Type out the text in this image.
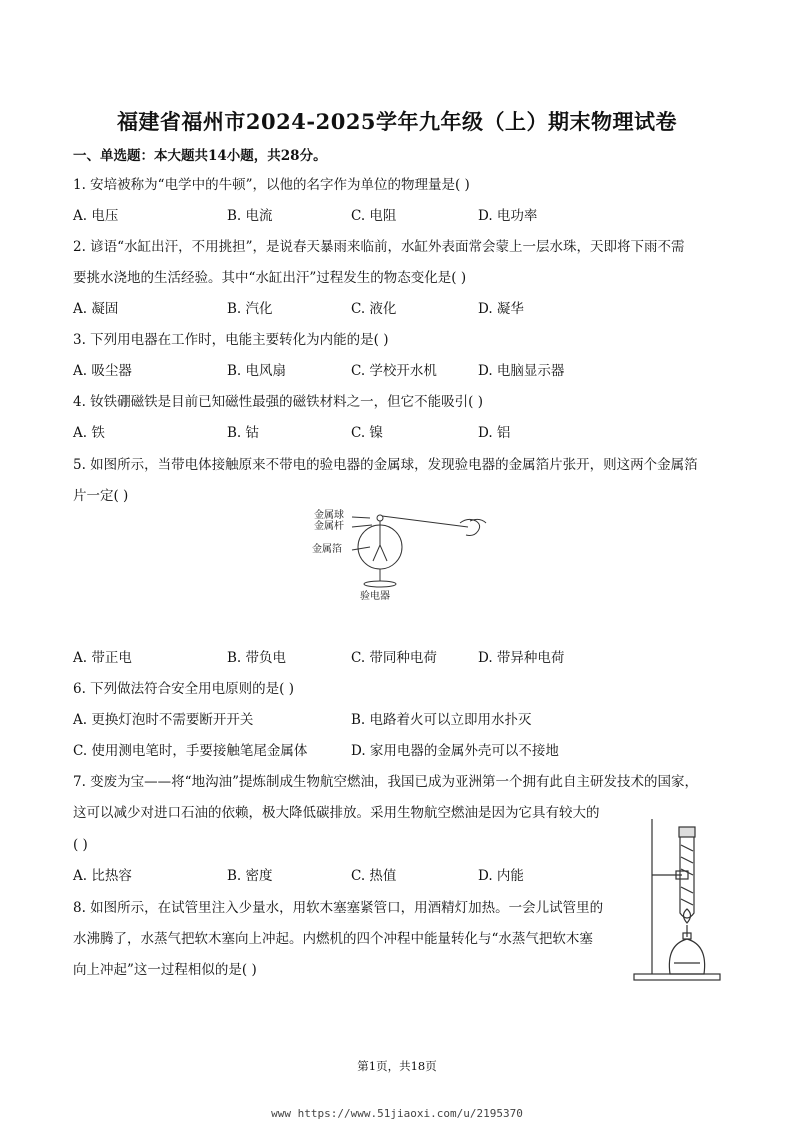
福建省福州市2024-2025学年九年级（上）期末物理试卷
一、单选题：本大题共14小题，共28分。
1. 安培被称为“电学中的牛顿”，以他的名字作为单位的物理量是( )
A. 电压	B. 电流	C. 电阻	D. 电功率
2. 谚语“水缸出汗，不用挑担”，是说春天暴雨来临前，水缸外表面常会蒙上一层水珠，天即将下雨不需
要挑水浇地的生活经验。其中“水缸出汗”过程发生的物态变化是( )
A. 凝固	B. 汽化	C. 液化	D. 凝华
3. 下列用电器在工作时，电能主要转化为内能的是( )
A. 吸尘器	B. 电风扇	C. 学校开水机	D. 电脑显示器
4. 钕铁硼磁铁是目前已知磁性最强的磁铁材料之一，但它不能吸引( )
A. 铁	B. 钴	C. 镍	D. 铝
5. 如图所示，当带电体接触原来不带电的验电器的金属球，发现验电器的金属箔片张开，则这两个金属箔
片一定( )
金属球
金属杆
金属箔
验电器
A. 带正电	B. 带负电	C. 带同种电荷	D. 带异种电荷
6. 下列做法符合安全用电原则的是( )
A. 更换灯泡时不需要断开开关	B. 电路着火可以立即用水扑灭
C. 使用测电笔时，手要接触笔尾金属体	D. 家用电器的金属外壳可以不接地
7. 变废为宝——将“地沟油”提炼制成生物航空燃油，我国已成为亚洲第一个拥有此自主研发技术的国家，
这可以减少对进口石油的依赖，极大降低碳排放。采用生物航空燃油是因为它具有较大的
( )
A. 比热容	B. 密度	C. 热值	D. 内能
8. 如图所示，在试管里注入少量水，用软木塞塞紧管口，用酒精灯加热。一会儿试管里的
水沸腾了，水蒸气把软木塞向上冲起。内燃机的四个冲程中能量转化与“水蒸气把软木塞
向上冲起”这一过程相似的是( )
第1页，共18页
www https://www.51jiaoxi.com/u/2195370
